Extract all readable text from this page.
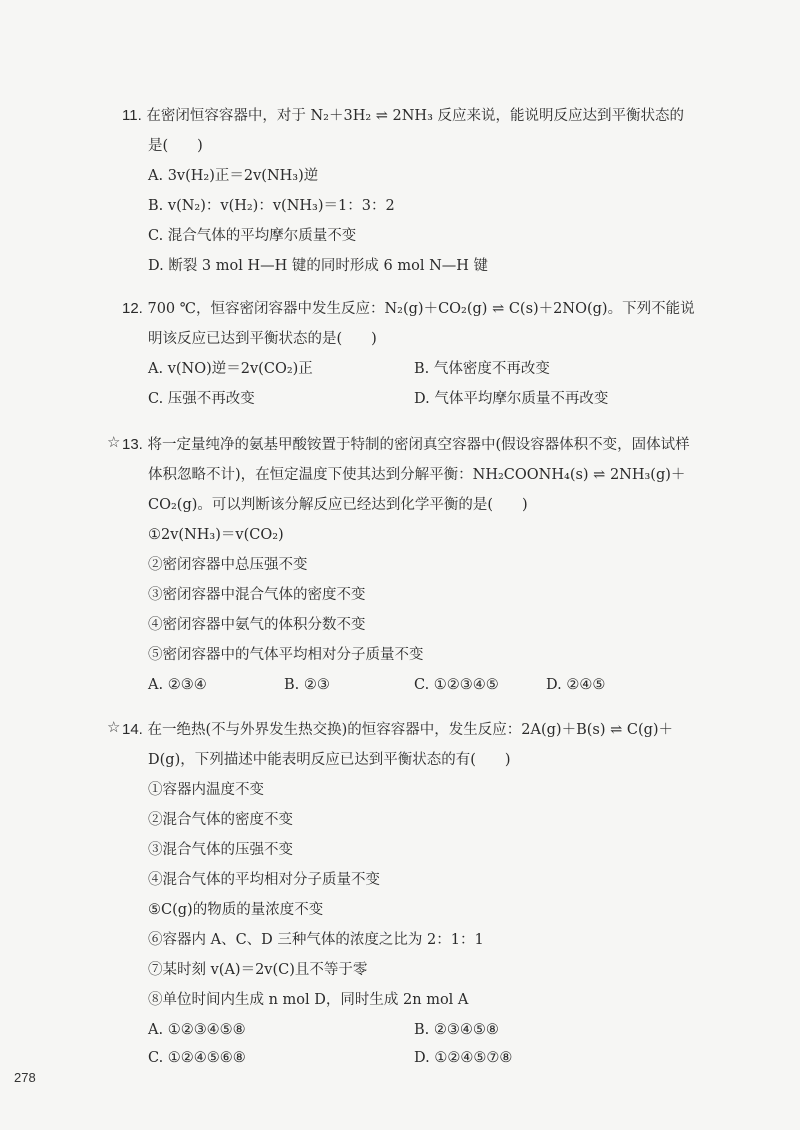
11. 在密闭恒容容器中，对于 N₂＋3H₂ ⇌ 2NH₃ 反应来说，能说明反应达到平衡状态的
是(　　)
A. 3v(H₂)正＝2v(NH₃)逆
B. v(N₂)：v(H₂)：v(NH₃)＝1：3：2
C. 混合气体的平均摩尔质量不变
D. 断裂 3 mol H—H 键的同时形成 6 mol N—H 键
12. 700 ℃，恒容密闭容器中发生反应：N₂(g)＋CO₂(g) ⇌ C(s)＋2NO(g)。下列不能说
明该反应已达到平衡状态的是(　　)
A. v(NO)逆＝2v(CO₂)正	B. 气体密度不再改变
C. 压强不再改变	D. 气体平均摩尔质量不再改变
☆ 13. 将一定量纯净的氨基甲酸铵置于特制的密闭真空容器中(假设容器体积不变，固体试样
体积忽略不计)，在恒定温度下使其达到分解平衡：NH₂COONH₄(s) ⇌ 2NH₃(g)＋
CO₂(g)。可以判断该分解反应已经达到化学平衡的是(　　)
①2v(NH₃)＝v(CO₂)
②密闭容器中总压强不变
③密闭容器中混合气体的密度不变
④密闭容器中氨气的体积分数不变
⑤密闭容器中的气体平均相对分子质量不变
A. ②③④	B. ②③	C. ①②③④⑤	D. ②④⑤
☆ 14. 在一绝热(不与外界发生热交换)的恒容容器中，发生反应：2A(g)＋B(s) ⇌ C(g)＋
D(g)，下列描述中能表明反应已达到平衡状态的有(　　)
①容器内温度不变
②混合气体的密度不变
③混合气体的压强不变
④混合气体的平均相对分子质量不变
⑤C(g)的物质的量浓度不变
⑥容器内 A、C、D 三种气体的浓度之比为 2：1：1
⑦某时刻 v(A)＝2v(C)且不等于零
⑧单位时间内生成 n mol D，同时生成 2n mol A
A. ①②③④⑤⑧	B. ②③④⑤⑧
C. ①②④⑤⑥⑧	D. ①②④⑤⑦⑧
278
